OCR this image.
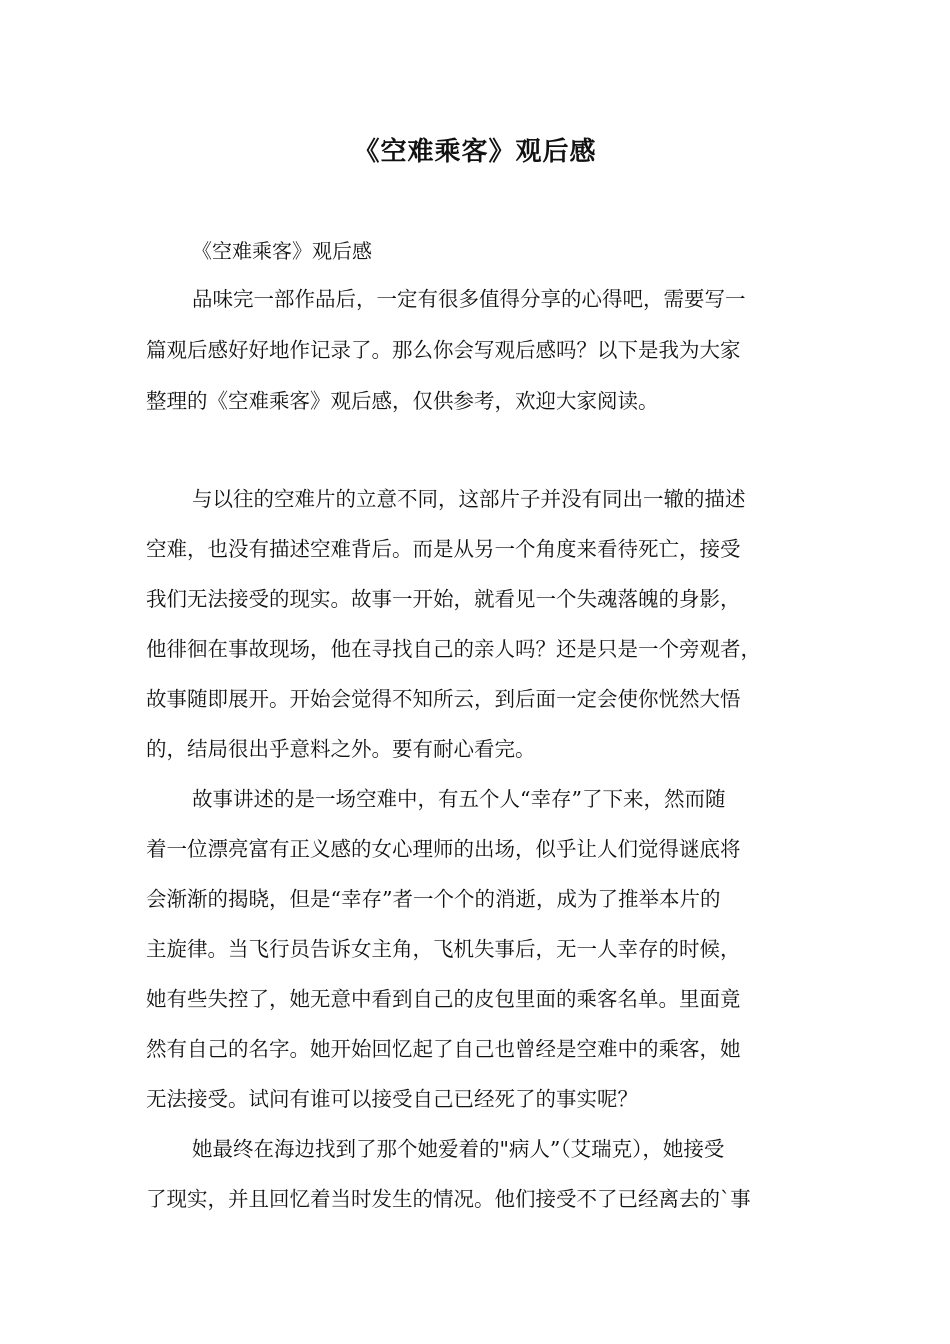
《空难乘客》观后感
《空难乘客》观后感
品味完一部作品后，一定有很多值得分享的心得吧，需要写一
篇观后感好好地作记录了。那么你会写观后感吗？以下是我为大家
整理的《空难乘客》观后感，仅供参考，欢迎大家阅读。
与以往的空难片的立意不同，这部片子并没有同出一辙的描述
空难，也没有描述空难背后。而是从另一个角度来看待死亡，接受
我们无法接受的现实。故事一开始，就看见一个失魂落魄的身影，
他徘徊在事故现场，他在寻找自己的亲人吗？还是只是一个旁观者，
故事随即展开。开始会觉得不知所云，到后面一定会使你恍然大悟
的，结局很出乎意料之外。要有耐心看完。
故事讲述的是一场空难中，有五个人“幸存”了下来，然而随
着一位漂亮富有正义感的女心理师的出场，似乎让人们觉得谜底将
会渐渐的揭晓，但是“幸存”者一个个的消逝，成为了推举本片的
主旋律。当飞行员告诉女主角，飞机失事后，无一人幸存的时候，
她有些失控了，她无意中看到自己的皮包里面的乘客名单。里面竟
然有自己的名字。她开始回忆起了自己也曾经是空难中的乘客，她
无法接受。试问有谁可以接受自己已经死了的事实呢？
她最终在海边找到了那个她爱着的"病人”（艾瑞克），她接受
了现实，并且回忆着当时发生的情况。他们接受不了已经离去的`事
